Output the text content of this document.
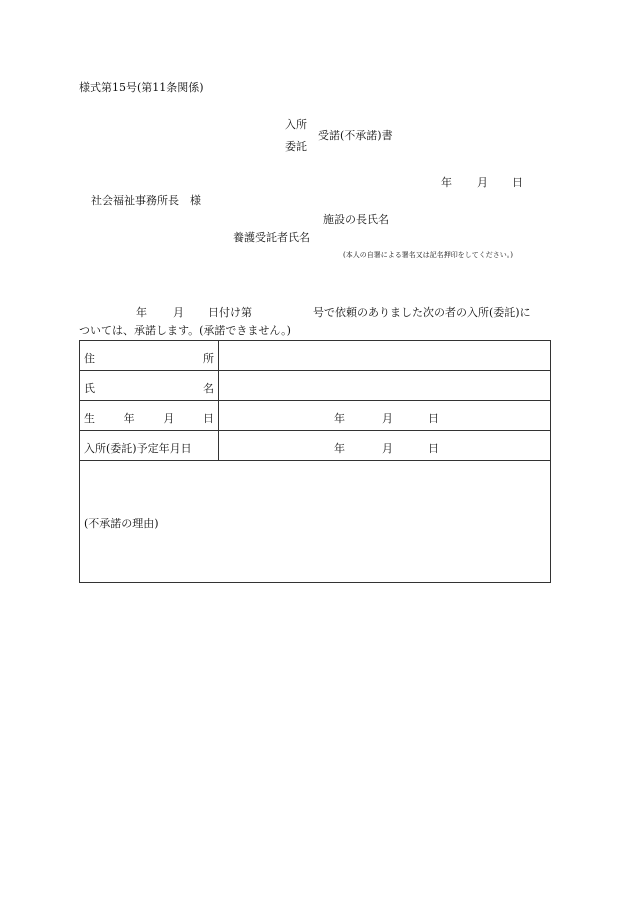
様式第15号(第11条関係)
入所
委託
受諾(不承諾)書
年 月 日
社会福祉事務所長　様
施設の長氏名
養護受託者氏名
(本人の自署による署名又は記名押印をしてください。)
年 月 日付け第	号で依頼のありました次の者の入所(委託)に
ついては、承諾します。(承諾できません。)
住 所	

氏 名	

生 年 月 日	年 月 日

入所(委託)予定年月日	年 月 日

(不承諾の理由)	
